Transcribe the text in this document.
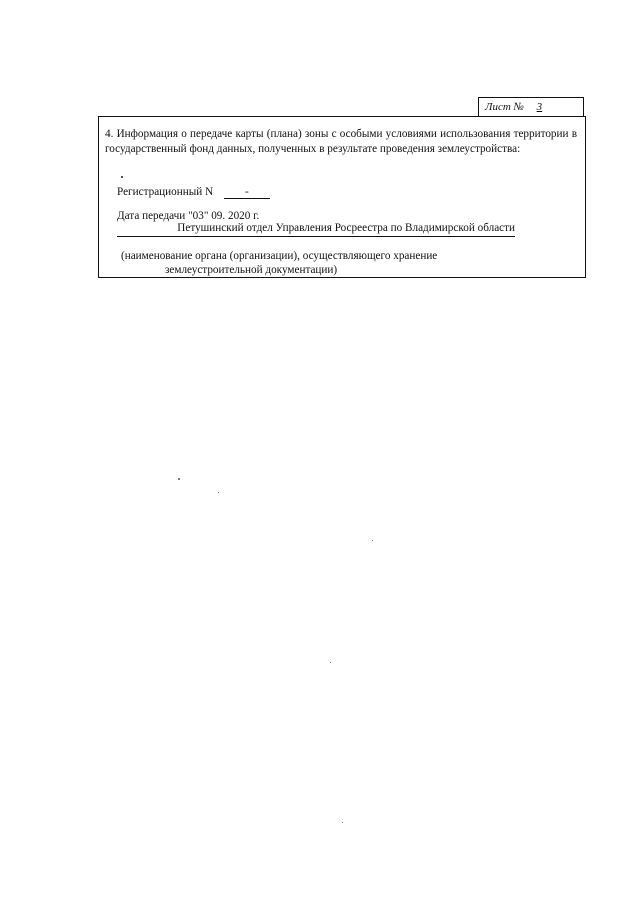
Лист № 3
4. Информация о передаче карты (плана) зоны с особыми условиями использования территории в государственный фонд данных, полученных в результате проведения землеустройства:
Регистрационный N	-
Дата передачи "03" 09. 2020 г.
Петушинский отдел Управления Росреестра по Владимирской области
(наименование органа (организации), осуществляющего хранение
землеустроительной документации)
